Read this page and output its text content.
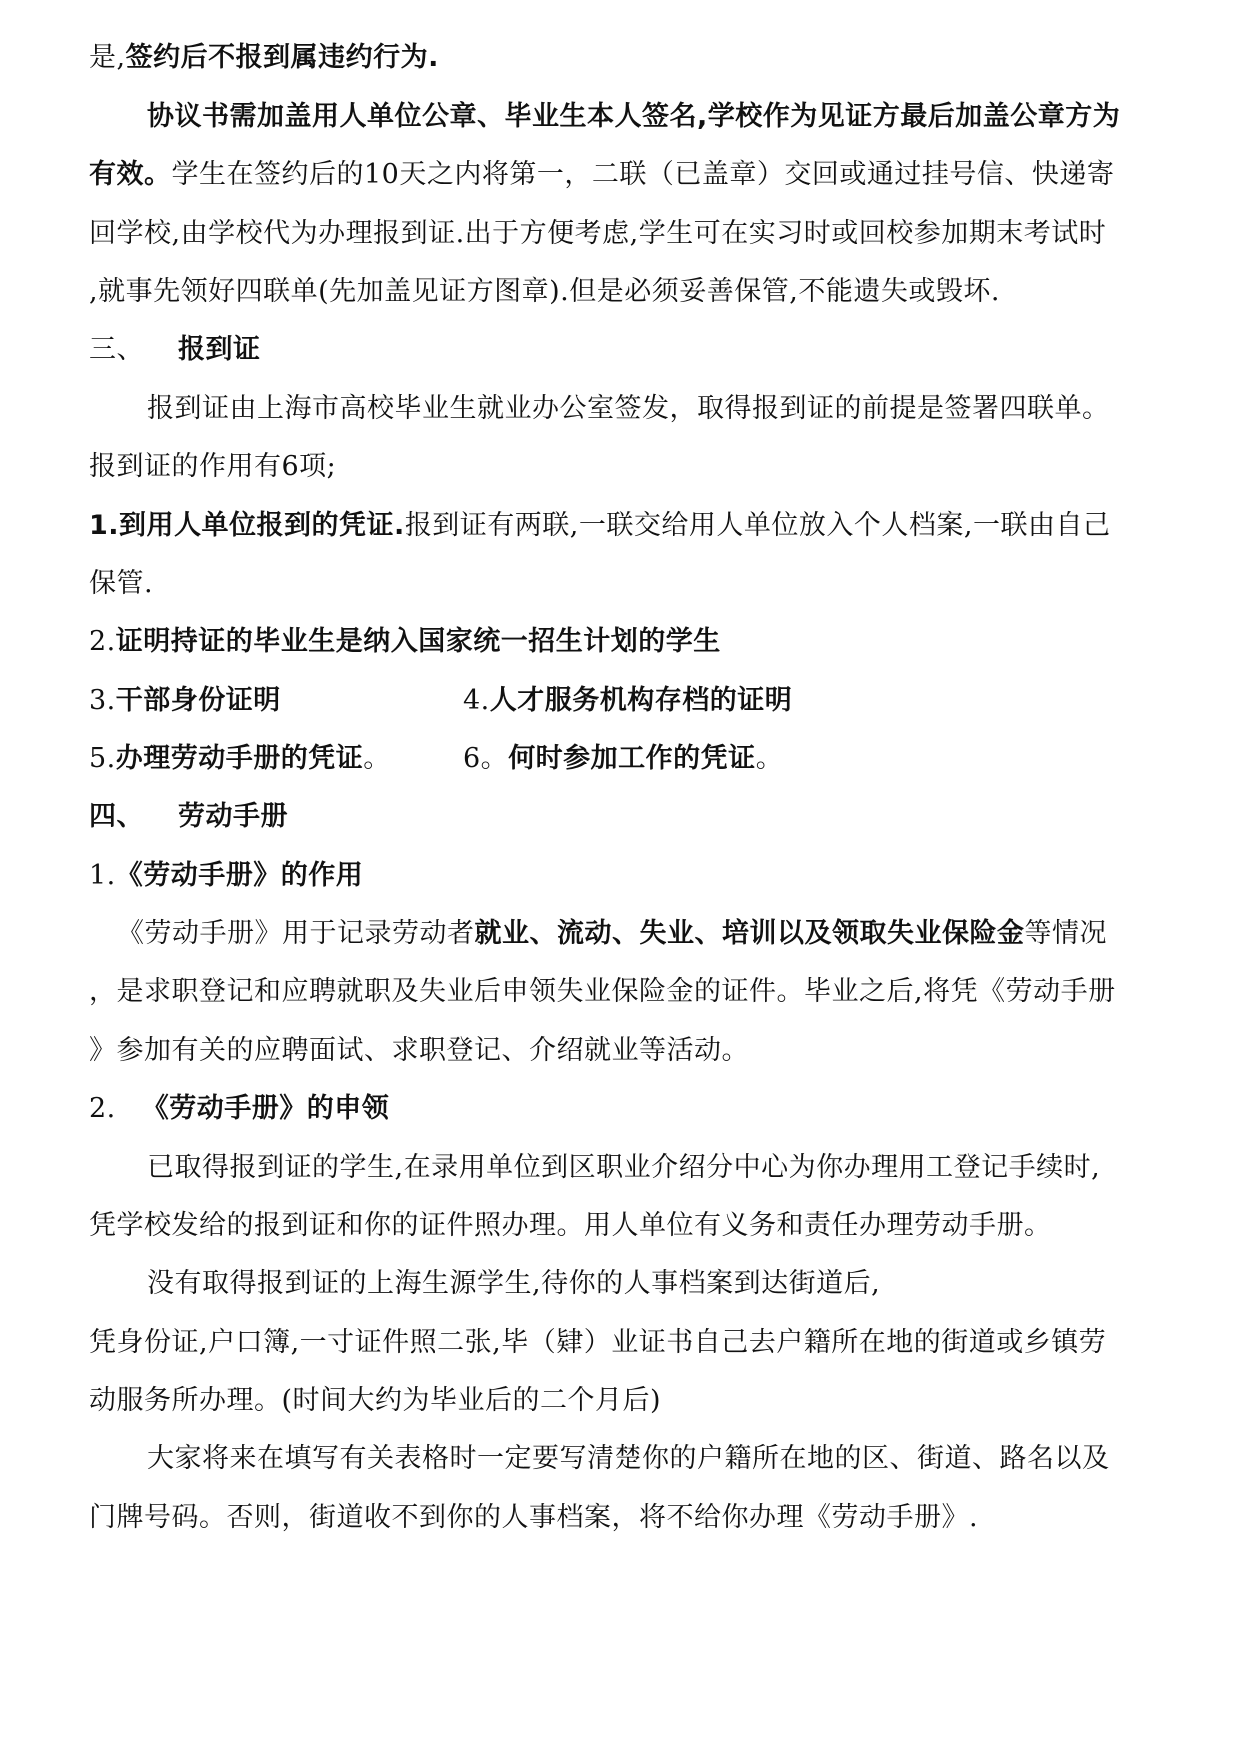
是,签约后不报到属违约行为.
协议书需加盖用人单位公章、毕业生本人签名,学校作为见证方最后加盖公章方为
有效。学生在签约后的10天之内将第一，二联（已盖章）交回或通过挂号信、快递寄
回学校,由学校代为办理报到证.出于方便考虑,学生可在实习时或回校参加期末考试时
,就事先领好四联单(先加盖见证方图章).但是必须妥善保管,不能遗失或毁坏.
三、 报到证
报到证由上海市高校毕业生就业办公室签发，取得报到证的前提是签署四联单。
报到证的作用有6项;
1.到用人单位报到的凭证.报到证有两联,一联交给用人单位放入个人档案,一联由自己
保管.
2.证明持证的毕业生是纳入国家统一招生计划的学生
3.干部身份证明	4.人才服务机构存档的证明
5.办理劳动手册的凭证。	6。何时参加工作的凭证。
四、 劳动手册
1.《劳动手册》的作用
《劳动手册》用于记录劳动者就业、流动、失业、培训以及领取失业保险金等情况
，是求职登记和应聘就职及失业后申领失业保险金的证件。毕业之后,将凭《劳动手册
》参加有关的应聘面试、求职登记、介绍就业等活动。
2. 《劳动手册》的申领
已取得报到证的学生,在录用单位到区职业介绍分中心为你办理用工登记手续时,
凭学校发给的报到证和你的证件照办理。用人单位有义务和责任办理劳动手册。
没有取得报到证的上海生源学生,待你的人事档案到达街道后,
凭身份证,户口簿,一寸证件照二张,毕（肄）业证书自己去户籍所在地的街道或乡镇劳
动服务所办理。(时间大约为毕业后的二个月后)
大家将来在填写有关表格时一定要写清楚你的户籍所在地的区、街道、路名以及
门牌号码。否则，街道收不到你的人事档案，将不给你办理《劳动手册》.
